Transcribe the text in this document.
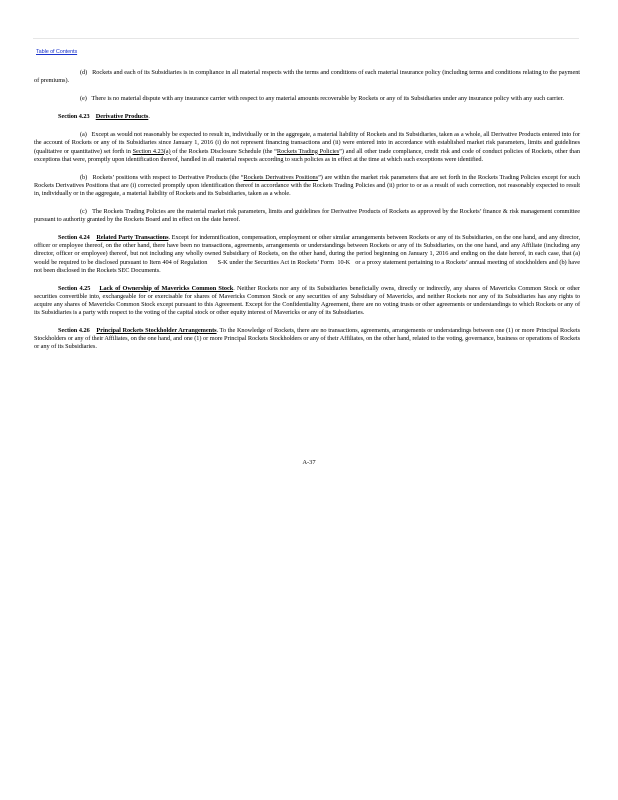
Table of Contents

(d) Rockets and each of its Subsidiaries is in compliance in all material respects with the terms and conditions of each material insurance policy (including terms and conditions relating to the payment of premiums).

(e) There is no material dispute with any insurance carrier with respect to any material amounts recoverable by Rockets or any of its Subsidiaries under any insurance policy with any such carrier.

Section 4.23 Derivative Products.

(a) Except as would not reasonably be expected to result in, individually or in the aggregate, a material liability of Rockets and its Subsidiaries, taken as a whole, all Derivative Products entered into for the account of Rockets or any of its Subsidiaries since January 1, 2016 (i) do not represent financing transactions and (ii) were entered into in accordance with established market risk parameters, limits and guidelines (qualitative or quantitative) set forth in Section 4.23(a) of the Rockets Disclosure Schedule (the “Rockets Trading Policies”) and all other trade compliance, credit risk and code of conduct policies of Rockets, other than exceptions that were, promptly upon identification thereof, handled in all material respects according to such policies as in effect at the time at which such exceptions were identified.

(b) Rockets’ positions with respect to Derivative Products (the “Rockets Derivatives Positions”) are within the market risk parameters that are set forth in the Rockets Trading Policies except for such Rockets Derivatives Positions that are (i) corrected promptly upon identification thereof in accordance with the Rockets Trading Policies and (ii) prior to or as a result of such correction, not reasonably expected to result in, individually or in the aggregate, a material liability of Rockets and its Subsidiaries, taken as a whole.

(c) The Rockets Trading Policies are the material market risk parameters, limits and guidelines for Derivative Products of Rockets as approved by the Rockets’ finance & risk management committee pursuant to authority granted by the Rockets Board and in effect on the date hereof.

Section 4.24 Related Party Transactions. Except for indemnification, compensation, employment or other similar arrangements between Rockets or any of its Subsidiaries, on the one hand, and any director, officer or employee thereof, on the other hand, there have been no transactions, agreements, arrangements or understandings between Rockets or any of its Subsidiaries, on the one hand, and any Affiliate (including any director, officer or employee) thereof, but not including any wholly owned Subsidiary of Rockets, on the other hand, during the period beginning on January 1, 2016 and ending on the date hereof, in each case, that (a) would be required to be disclosed pursuant to Item 404 of Regulation S-K under the Securities Act in Rockets’ Form 10-K or a proxy statement pertaining to a Rockets’ annual meeting of stockholders and (b) have not been disclosed in the Rockets SEC Documents.

Section 4.25 Lack of Ownership of Mavericks Common Stock. Neither Rockets nor any of its Subsidiaries beneficially owns, directly or indirectly, any shares of Mavericks Common Stock or other securities convertible into, exchangeable for or exercisable for shares of Mavericks Common Stock or any securities of any Subsidiary of Mavericks, and neither Rockets nor any of its Subsidiaries has any rights to acquire any shares of Mavericks Common Stock except pursuant to this Agreement. Except for the Confidentiality Agreement, there are no voting trusts or other agreements or understandings to which Rockets or any of its Subsidiaries is a party with respect to the voting of the capital stock or other equity interest of Mavericks or any of its Subsidiaries.

Section 4.26 Principal Rockets Stockholder Arrangements. To the Knowledge of Rockets, there are no transactions, agreements, arrangements or understandings between one (1) or more Principal Rockets Stockholders or any of their Affiliates, on the one hand, and one (1) or more Principal Rockets Stockholders or any of their Affiliates, on the other hand, related to the voting, governance, business or operations of Rockets or any of its Subsidiaries.

A-37
